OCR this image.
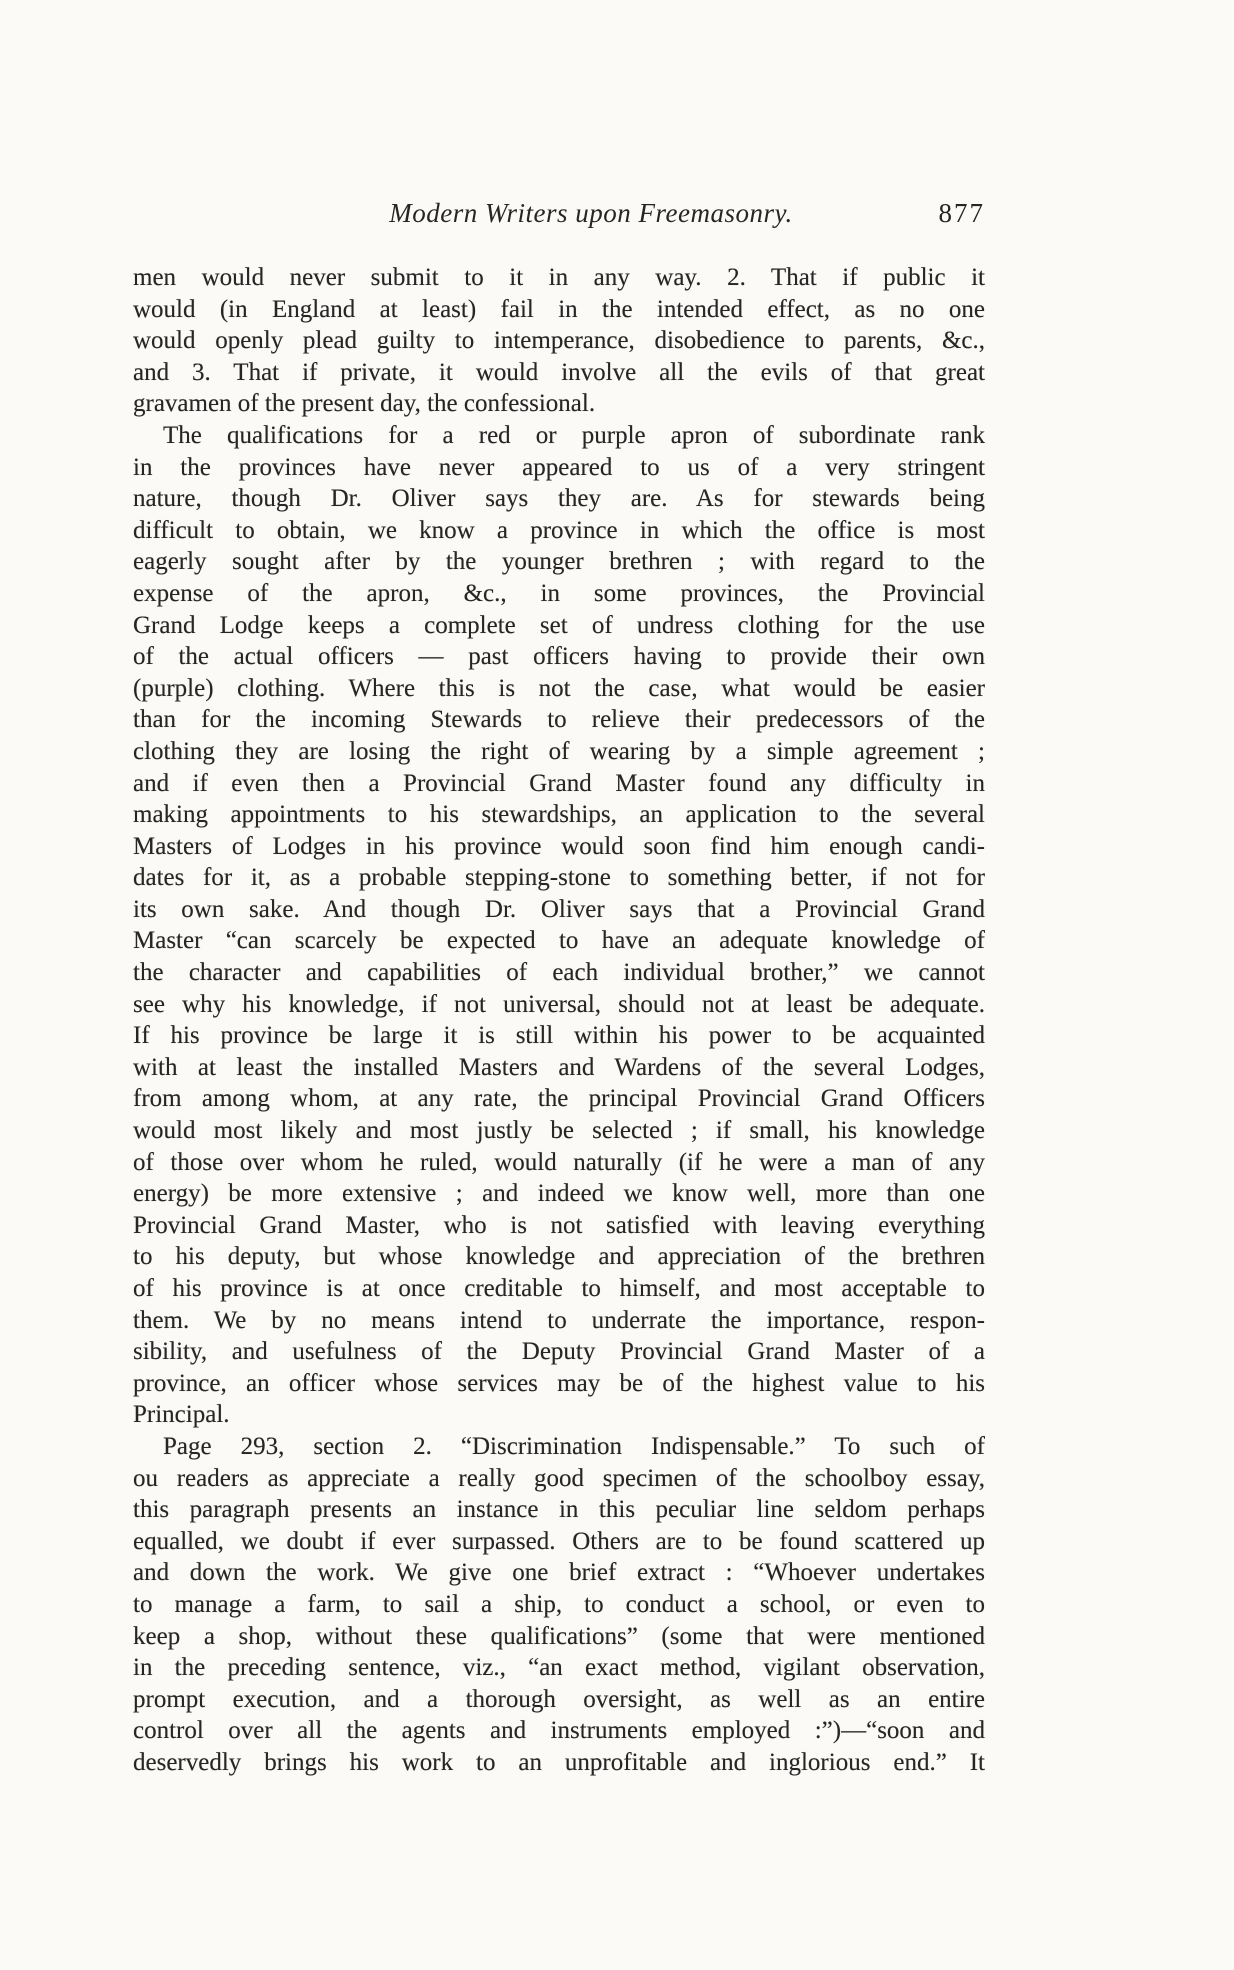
Modern Writers upon Freemasonry.	877
men would never submit to it in any way. 2. That if public it
would (in England at least) fail in the intended effect, as no one
would openly plead guilty to intemperance, disobedience to parents, &c.,
and 3. That if private, it would involve all the evils of that great
gravamen of the present day, the confessional.
The qualifications for a red or purple apron of subordinate rank
in the provinces have never appeared to us of a very stringent
nature, though Dr. Oliver says they are. As for stewards being
difficult to obtain, we know a province in which the office is most
eagerly sought after by the younger brethren ; with regard to the
expense of the apron, &c., in some provinces, the Provincial
Grand Lodge keeps a complete set of undress clothing for the use
of the actual officers — past officers having to provide their own
(purple) clothing. Where this is not the case, what would be easier
than for the incoming Stewards to relieve their predecessors of the
clothing they are losing the right of wearing by a simple agreement ;
and if even then a Provincial Grand Master found any difficulty in
making appointments to his stewardships, an application to the several
Masters of Lodges in his province would soon find him enough candi-
dates for it, as a probable stepping-stone to something better, if not for
its own sake. And though Dr. Oliver says that a Provincial Grand
Master “can scarcely be expected to have an adequate knowledge of
the character and capabilities of each individual brother,” we cannot
see why his knowledge, if not universal, should not at least be adequate.
If his province be large it is still within his power to be acquainted
with at least the installed Masters and Wardens of the several Lodges,
from among whom, at any rate, the principal Provincial Grand Officers
would most likely and most justly be selected ; if small, his knowledge
of those over whom he ruled, would naturally (if he were a man of any
energy) be more extensive ; and indeed we know well, more than one
Provincial Grand Master, who is not satisfied with leaving everything
to his deputy, but whose knowledge and appreciation of the brethren
of his province is at once creditable to himself, and most acceptable to
them. We by no means intend to underrate the importance, respon-
sibility, and usefulness of the Deputy Provincial Grand Master of a
province, an officer whose services may be of the highest value to his
Principal.
Page 293, section 2. “Discrimination Indispensable.” To such of
ou readers as appreciate a really good specimen of the schoolboy essay,
this paragraph presents an instance in this peculiar line seldom perhaps
equalled, we doubt if ever surpassed. Others are to be found scattered up
and down the work. We give one brief extract : “Whoever undertakes
to manage a farm, to sail a ship, to conduct a school, or even to
keep a shop, without these qualifications” (some that were mentioned
in the preceding sentence, viz., “an exact method, vigilant observation,
prompt execution, and a thorough oversight, as well as an entire
control over all the agents and instruments employed :”)—“soon and
deservedly brings his work to an unprofitable and inglorious end.” It
